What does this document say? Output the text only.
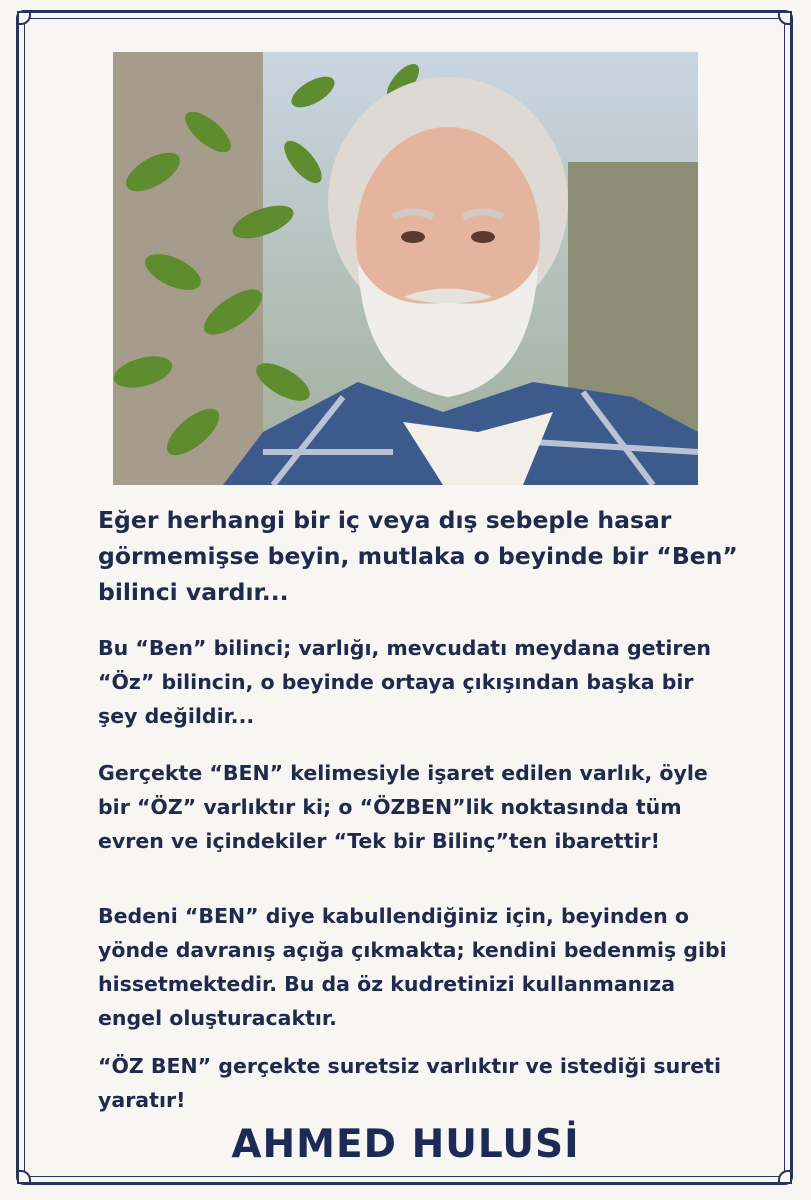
Eğer herhangi bir iç veya dış sebeple hasar görmemişse beyin, mutlaka o beyinde bir “Ben” bilinci vardır...

Bu “Ben” bilinci; varlığı, mevcudatı meydana getiren “Öz” bilincin, o beyinde ortaya çıkışından başka bir şey değildir...

Gerçekte “BEN” kelimesiyle işaret edilen varlık, öyle bir “ÖZ” varlıktır ki; o “ÖZBEN”lik noktasında tüm evren ve içindekiler “Tek bir Bilinç”ten ibarettir!

Bedeni “BEN” diye kabullendiğiniz için, beyinden o yönde davranış açığa çıkmakta; kendini bedenmiş gibi hissetmektedir. Bu da öz kudretinizi kullanmanıza engel oluşturacaktır.

“ÖZ BEN” gerçekte suretsiz varlıktır ve istediği sureti yaratır!

AHMED HULUSİ
